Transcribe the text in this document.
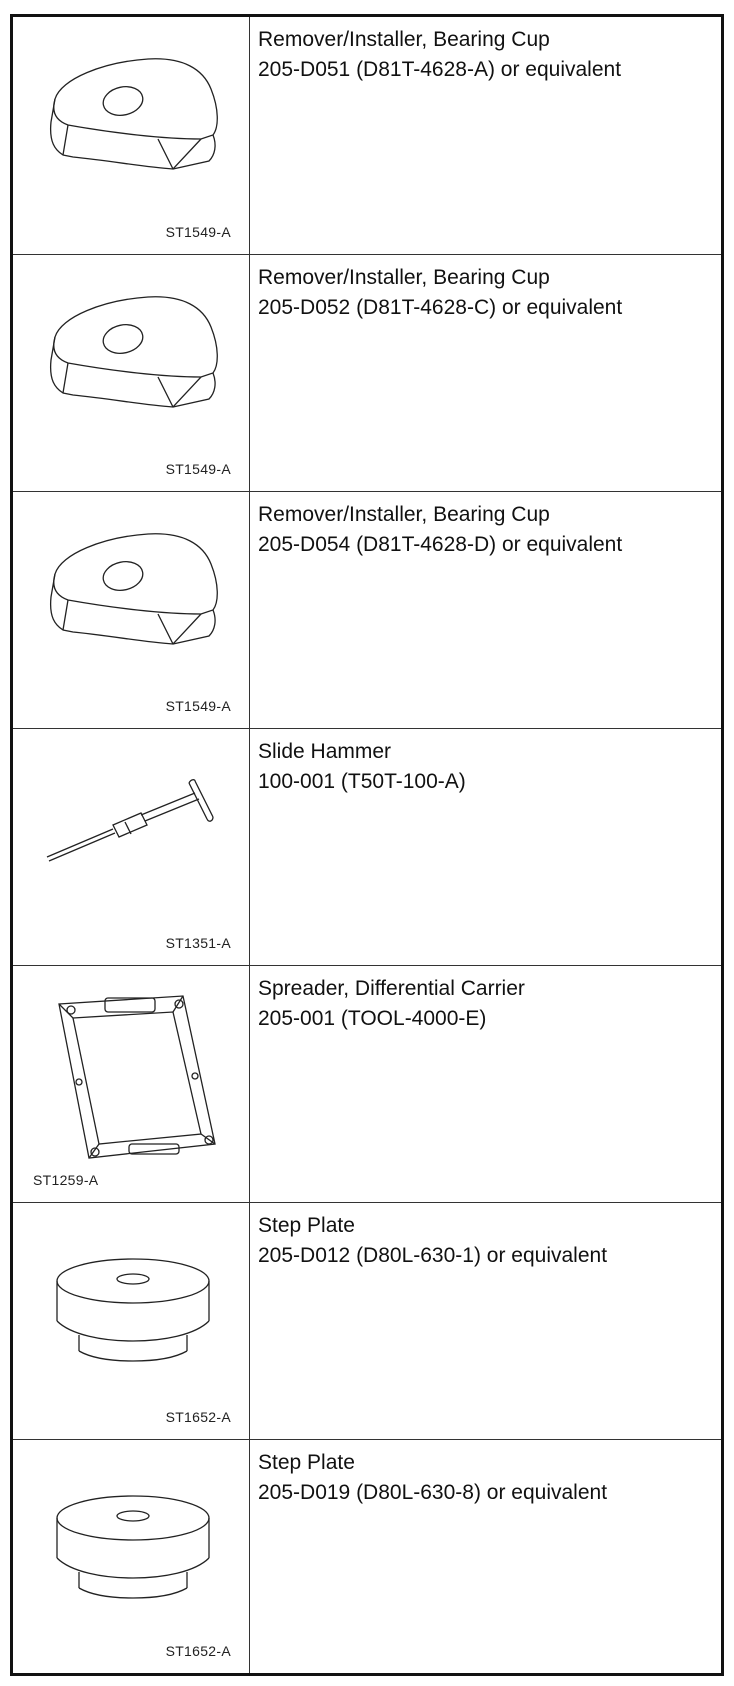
ST1549-A
Remover/Installer, Bearing Cup
205-D051 (D81T-4628-A) or equivalent
ST1549-A
Remover/Installer, Bearing Cup
205-D052 (D81T-4628-C) or equivalent
ST1549-A
Remover/Installer, Bearing Cup
205-D054 (D81T-4628-D) or equivalent
ST1351-A
Slide Hammer
100-001 (T50T-100-A)
ST1259-A
Spreader, Differential Carrier
205-001 (TOOL-4000-E)
ST1652-A
Step Plate
205-D012 (D80L-630-1) or equivalent
ST1652-A
Step Plate
205-D019 (D80L-630-8) or equivalent
